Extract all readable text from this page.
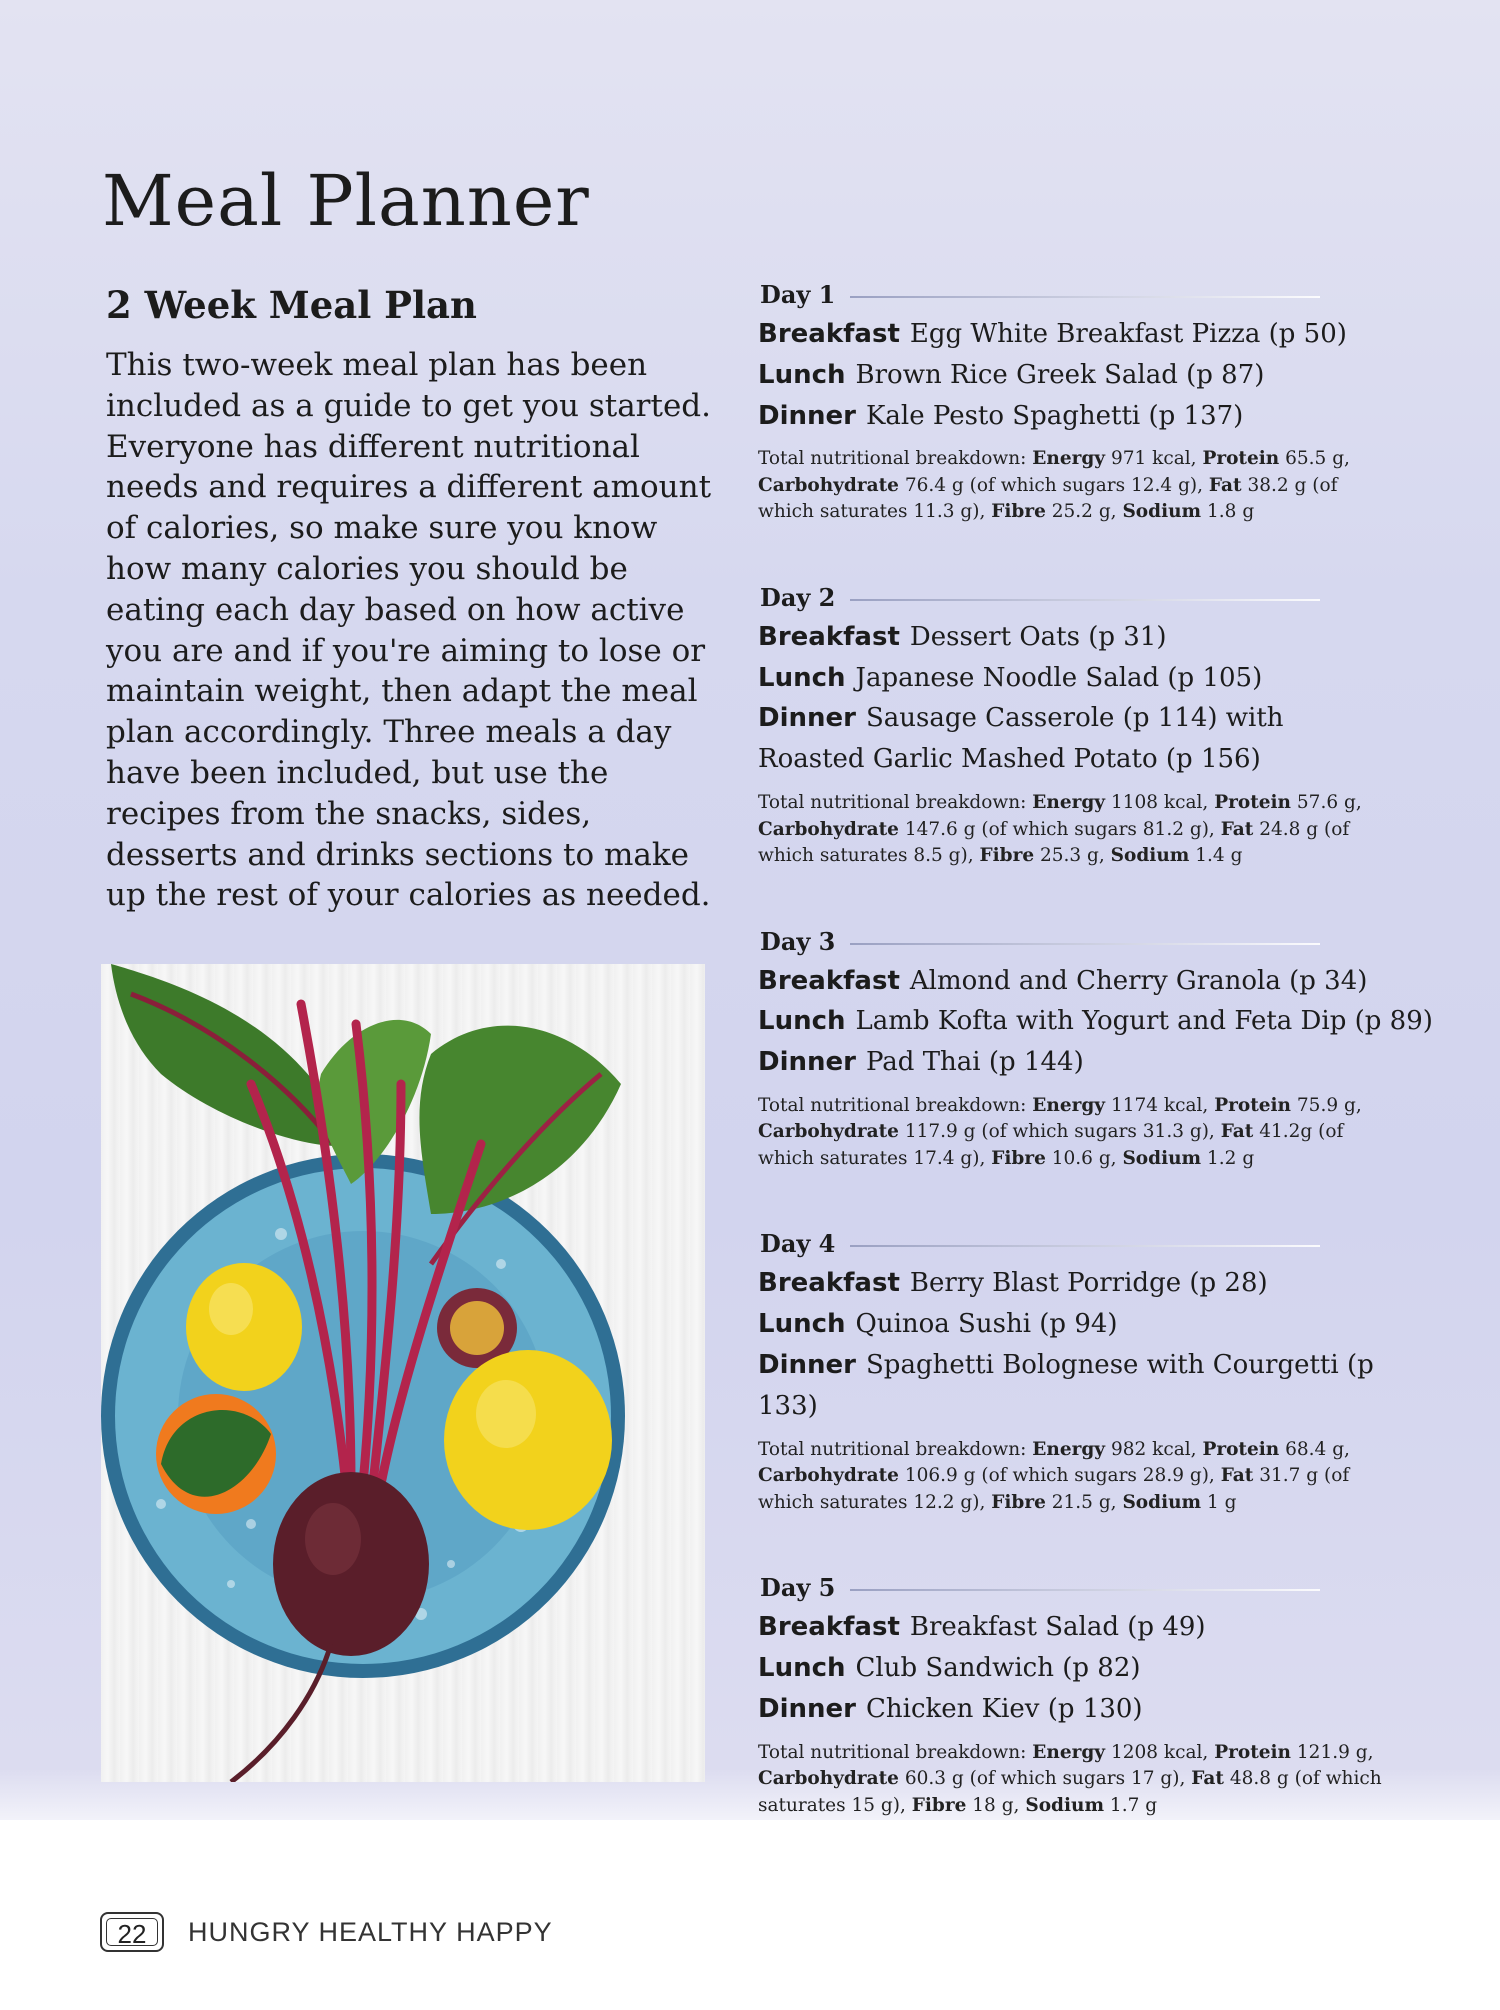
Meal Planner
2 Week Meal Plan

This two-week meal plan has been included as a guide to get you started. Everyone has different nutritional needs and requires a different amount of calories, so make sure you know how many calories you should be eating each day based on how active you are and if you're aiming to lose or maintain weight, then adapt the meal plan accordingly. Three meals a day have been included, but use the recipes from the snacks, sides, desserts and drinks sections to make up the rest of your calories as needed.

Day 1
Breakfast Egg White Breakfast Pizza (p 50)
Lunch Brown Rice Greek Salad (p 87)
Dinner Kale Pesto Spaghetti (p 137)
Total nutritional breakdown: Energy 971 kcal, Protein 65.5 g, Carbohydrate 76.4 g (of which sugars 12.4 g), Fat 38.2 g (of which saturates 11.3 g), Fibre 25.2 g, Sodium 1.8 g
Day 2
Breakfast Dessert Oats (p 31)
Lunch Japanese Noodle Salad (p 105)
Dinner Sausage Casserole (p 114) with Roasted Garlic Mashed Potato (p 156)
Total nutritional breakdown: Energy 1108 kcal, Protein 57.6 g, Carbohydrate 147.6 g (of which sugars 81.2 g), Fat 24.8 g (of which saturates 8.5 g), Fibre 25.3 g, Sodium 1.4 g
Day 3
Breakfast Almond and Cherry Granola (p 34)
Lunch Lamb Kofta with Yogurt and Feta Dip (p 89)
Dinner Pad Thai (p 144)
Total nutritional breakdown: Energy 1174 kcal, Protein 75.9 g, Carbohydrate 117.9 g (of which sugars 31.3 g), Fat 41.2g (of which saturates 17.4 g), Fibre 10.6 g, Sodium 1.2 g
Day 4
Breakfast Berry Blast Porridge (p 28)
Lunch Quinoa Sushi (p 94)
Dinner Spaghetti Bolognese with Courgetti (p 133)
Total nutritional breakdown: Energy 982 kcal, Protein 68.4 g, Carbohydrate 106.9 g (of which sugars 28.9 g), Fat 31.7 g (of which saturates 12.2 g), Fibre 21.5 g, Sodium 1 g
Day 5
Breakfast Breakfast Salad (p 49)
Lunch Club Sandwich (p 82)
Dinner Chicken Kiev (p 130)
Total nutritional breakdown: Energy 1208 kcal, Protein 121.9 g, Carbohydrate 60.3 g (of which sugars 17 g), Fat 48.8 g (of which saturates 15 g), Fibre 18 g, Sodium 1.7 g
22	HUNGRY HEALTHY HAPPY
